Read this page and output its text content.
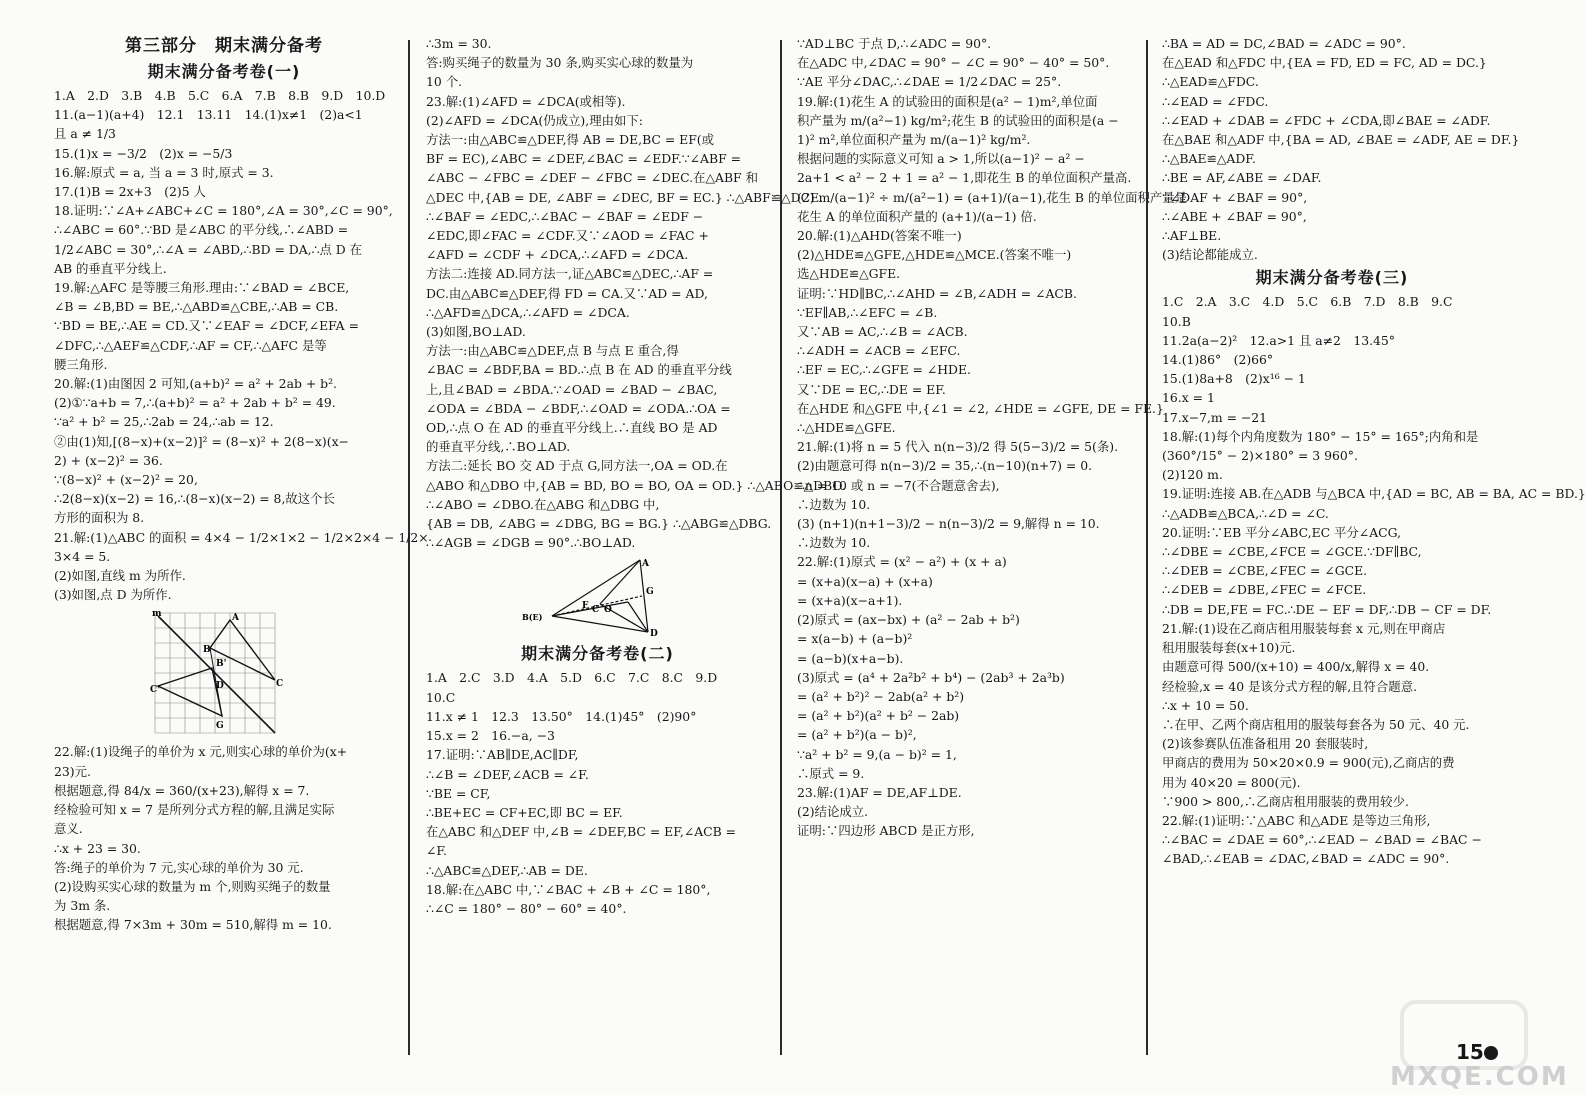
第三部分　期末满分备考
期末满分备考卷(一)
1.A　2.D　3.B　4.B　5.C　6.A　7.B　8.B　9.D　10.D
11.(a−1)(a+4)　12.1　13.11　14.(1)x≠1　(2)a<1
且 a ≠ 1/3
15.(1)x = −3/2　(2)x = −5/3
16.解:原式 = a, 当 a = 3 时,原式 = 3.
17.(1)B = 2x+3　(2)5 人
18.证明:∵∠A+∠ABC+∠C = 180°,∠A = 30°,∠C = 90°,
∴∠ABC = 60°.∵BD 是∠ABC 的平分线,∴∠ABD =
1/2∠ABC = 30°,∴∠A = ∠ABD,∴BD = DA,∴点 D 在
AB 的垂直平分线上.
19.解:△AFC 是等腰三角形.理由:∵∠BAD = ∠BCE,
∠B = ∠B,BD = BE,∴△ABD≌△CBE,∴AB = CB.
∵BD = BE,∴AE = CD.又∵∠EAF = ∠DCF,∠EFA =
∠DFC,∴△AEF≌△CDF,∴AF = CF,∴△AFC 是等
腰三角形.
20.解:(1)由图因 2 可知,(a+b)² = a² + 2ab + b².
(2)①∵a+b = 7,∴(a+b)² = a² + 2ab + b² = 49.
∵a² + b² = 25,∴2ab = 24,∴ab = 12.
②由(1)知,[(8−x)+(x−2)]² = (8−x)² + 2(8−x)(x−
2) + (x−2)² = 36.
∵(8−x)² + (x−2)² = 20,
∴2(8−x)(x−2) = 16,∴(8−x)(x−2) = 8,故这个长
方形的面积为 8.
21.解:(1)△ABC 的面积 = 4×4 − 1/2×1×2 − 1/2×2×4 − 1/2×
3×4 = 5.
(2)如图,直线 m 为所作.
(3)如图,点 D 为所作.
A
B
C
D
G
B'
C'
m
22.解:(1)设绳子的单价为 x 元,则实心球的单价为(x+
23)元.
根据题意,得 84/x = 360/(x+23),解得 x = 7.
经检验可知 x = 7 是所列分式方程的解,且满足实际
意义.
∴x + 23 = 30.
答:绳子的单价为 7 元,实心球的单价为 30 元.
(2)设购买实心球的数量为 m 个,则购买绳子的数量
为 3m 条.
根据题意,得 7×3m + 30m = 510,解得 m = 10.
∴3m = 30.
答:购买绳子的数量为 30 条,购买实心球的数量为
10 个.
23.解:(1)∠AFD = ∠DCA(或相等).
(2)∠AFD = ∠DCA(仍成立),理由如下:
方法一:由△ABC≌△DEF,得 AB = DE,BC = EF(或
BF = EC),∠ABC = ∠DEF,∠BAC = ∠EDF.∵∠ABF =
∠ABC − ∠FBC = ∠DEF − ∠FBC = ∠DEC.在△ABF 和
△DEC 中,{AB = DE, ∠ABF = ∠DEC, BF = EC.} ∴△ABF≌△DCE.
∴∠BAF = ∠EDC,∴∠BAC − ∠BAF = ∠EDF −
∠EDC,即∠FAC = ∠CDF.又∵∠AOD = ∠FAC +
∠AFD = ∠CDF + ∠DCA,∴∠AFD = ∠DCA.
方法二:连接 AD.同方法一,证△ABC≌△DEC,∴AF =
DC.由△ABC≌△DEF,得 FD = CA.又∵AD = AD,
∴△AFD≌△DCA,∴∠AFD = ∠DCA.
(3)如图,BO⊥AD.
方法一:由△ABC≌△DEF,点 B 与点 E 重合,得
∠BAC = ∠BDF,BA = BD.∴点 B 在 AD 的垂直平分线
上,且∠BAD = ∠BDA.∵∠OAD = ∠BAD − ∠BAC,
∠ODA = ∠BDA − ∠BDF,∴∠OAD = ∠ODA.∴OA =
OD,∴点 O 在 AD 的垂直平分线上.∴直线 BO 是 AD
的垂直平分线,∴BO⊥AD.
方法二:延长 BO 交 AD 于点 G,同方法一,OA = OD.在
△ABO 和△DBO 中,{AB = BD, BO = BO, OA = OD.} ∴△ABO≌△DBO.
∴∠ABO = ∠DBO.在△ABG 和△DBG 中,
{AB = DB, ∠ABG = ∠DBG, BG = BG.} ∴△ABG≌△DBG.
∴∠AGB = ∠DGB = 90°.∴BO⊥AD.
A
B(E)
C
F O
G
D
期末满分备考卷(二)
1.A　2.C　3.D　4.A　5.D　6.C　7.C　8.C　9.D
10.C
11.x ≠ 1　12.3　13.50°　14.(1)45°　(2)90°
15.x = 2　16.−a, −3
17.证明:∵AB∥DE,AC∥DF,
∴∠B = ∠DEF,∠ACB = ∠F.
∵BE = CF,
∴BE+EC = CF+EC,即 BC = EF.
在△ABC 和△DEF 中,∠B = ∠DEF,BC = EF,∠ACB =
∠F.
∴△ABC≌△DEF,∴AB = DE.
18.解:在△ABC 中,∵∠BAC + ∠B + ∠C = 180°,
∴∠C = 180° − 80° − 60° = 40°.
∵AD⊥BC 于点 D,∴∠ADC = 90°.
在△ADC 中,∠DAC = 90° − ∠C = 90° − 40° = 50°.
∵AE 平分∠DAC,∴∠DAE = 1/2∠DAC = 25°.
19.解:(1)花生 A 的试验田的面积是(a² − 1)m²,单位面
积产量为 m/(a²−1) kg/m²;花生 B 的试验田的面积是(a −
1)² m²,单位面积产量为 m/(a−1)² kg/m².
根据问题的实际意义可知 a > 1,所以(a−1)² − a² −
2a+1 < a² − 2 + 1 = a² − 1,即花生 B 的单位面积产量高.
(2) m/(a−1)² ÷ m/(a²−1) = (a+1)/(a−1),花生 B 的单位面积产量是
花生 A 的单位面积产量的 (a+1)/(a−1) 倍.
20.解:(1)△AHD(答案不唯一)
(2)△HDE≌△GFE,△HDE≌△MCE.(答案不唯一)
选△HDE≌△GFE.
证明:∵HD∥BC,∴∠AHD = ∠B,∠ADH = ∠ACB.
∵EF∥AB,∴∠EFC = ∠B.
又∵AB = AC,∴∠B = ∠ACB.
∴∠ADH = ∠ACB = ∠EFC.
∴EF = EC,∴∠GFE = ∠HDE.
又∵DE = EC,∴DE = EF.
在△HDE 和△GFE 中,{∠1 = ∠2, ∠HDE = ∠GFE, DE = FE.}
∴△HDE≌△GFE.
21.解:(1)将 n = 5 代入 n(n−3)/2 得 5(5−3)/2 = 5(条).
(2)由题意可得 n(n−3)/2 = 35,∴(n−10)(n+7) = 0.
∴n = 10 或 n = −7(不合题意舍去),
∴边数为 10.
(3) (n+1)(n+1−3)/2 − n(n−3)/2 = 9,解得 n = 10.
∴边数为 10.
22.解:(1)原式 = (x² − a²) + (x + a)
= (x+a)(x−a) + (x+a)
= (x+a)(x−a+1).
(2)原式 = (ax−bx) + (a² − 2ab + b²)
= x(a−b) + (a−b)²
= (a−b)(x+a−b).
(3)原式 = (a⁴ + 2a²b² + b⁴) − (2ab³ + 2a³b)
= (a² + b²)² − 2ab(a² + b²)
= (a² + b²)(a² + b² − 2ab)
= (a² + b²)(a − b)²,
∵a² + b² = 9,(a − b)² = 1,
∴原式 = 9.
23.解:(1)AF = DE,AF⊥DE.
(2)结论成立.
证明:∵四边形 ABCD 是正方形,
∴BA = AD = DC,∠BAD = ∠ADC = 90°.
在△EAD 和△FDC 中,{EA = FD, ED = FC, AD = DC.}
∴△EAD≌△FDC.
∴∠EAD = ∠FDC.
∴∠EAD + ∠DAB = ∠FDC + ∠CDA,即∠BAE = ∠ADF.
在△BAE 和△ADF 中,{BA = AD, ∠BAE = ∠ADF, AE = DF.}
∴△BAE≌△ADF.
∴BE = AF,∠ABE = ∠DAF.
∵∠DAF + ∠BAF = 90°,
∴∠ABE + ∠BAF = 90°,
∴AF⊥BE.
(3)结论都能成立.
期末满分备考卷(三)
1.C　2.A　3.C　4.D　5.C　6.B　7.D　8.B　9.C
10.B
11.2a(a−2)²　12.a>1 且 a≠2　13.45°
14.(1)86°　(2)66°
15.(1)8a+8　(2)x¹⁶ − 1
16.x = 1
17.x−7,m = −21
18.解:(1)每个内角度数为 180° − 15° = 165°;内角和是
(360°/15° − 2)×180° = 3 960°.
(2)120 m.
19.证明:连接 AB.在△ADB 与△BCA 中,{AD = BC, AB = BA, AC = BD.}
∴△ADB≌△BCA,∴∠D = ∠C.
20.证明:∵EB 平分∠ABC,EC 平分∠ACG,
∴∠DBE = ∠CBE,∠FCE = ∠GCE.∵DF∥BC,
∴∠DEB = ∠CBE,∠FEC = ∠GCE.
∴∠DEB = ∠DBE,∠FEC = ∠FCE.
∴DB = DE,FE = FC.∴DE − EF = DF,∴DB − CF = DF.
21.解:(1)设在乙商店租用服装每套 x 元,则在甲商店
租用服装每套(x+10)元.
由题意可得 500/(x+10) = 400/x,解得 x = 40.
经检验,x = 40 是该分式方程的解,且符合题意.
∴x + 10 = 50.
∴在甲、乙两个商店租用的服装每套各为 50 元、40 元.
(2)该参赛队伍准备租用 20 套服装时,
甲商店的费用为 50×20×0.9 = 900(元),乙商店的费
用为 40×20 = 800(元).
∵900 > 800,∴乙商店租用服装的费用较少.
22.解:(1)证明:∵△ABC 和△ADE 是等边三角形,
∴∠BAC = ∠DAE = 60°,∴∠EAD − ∠BAD = ∠BAC −
∠BAD,∴∠EAB = ∠DAC,∠BAD = ∠ADC = 90°.
15
MXQE.COM
